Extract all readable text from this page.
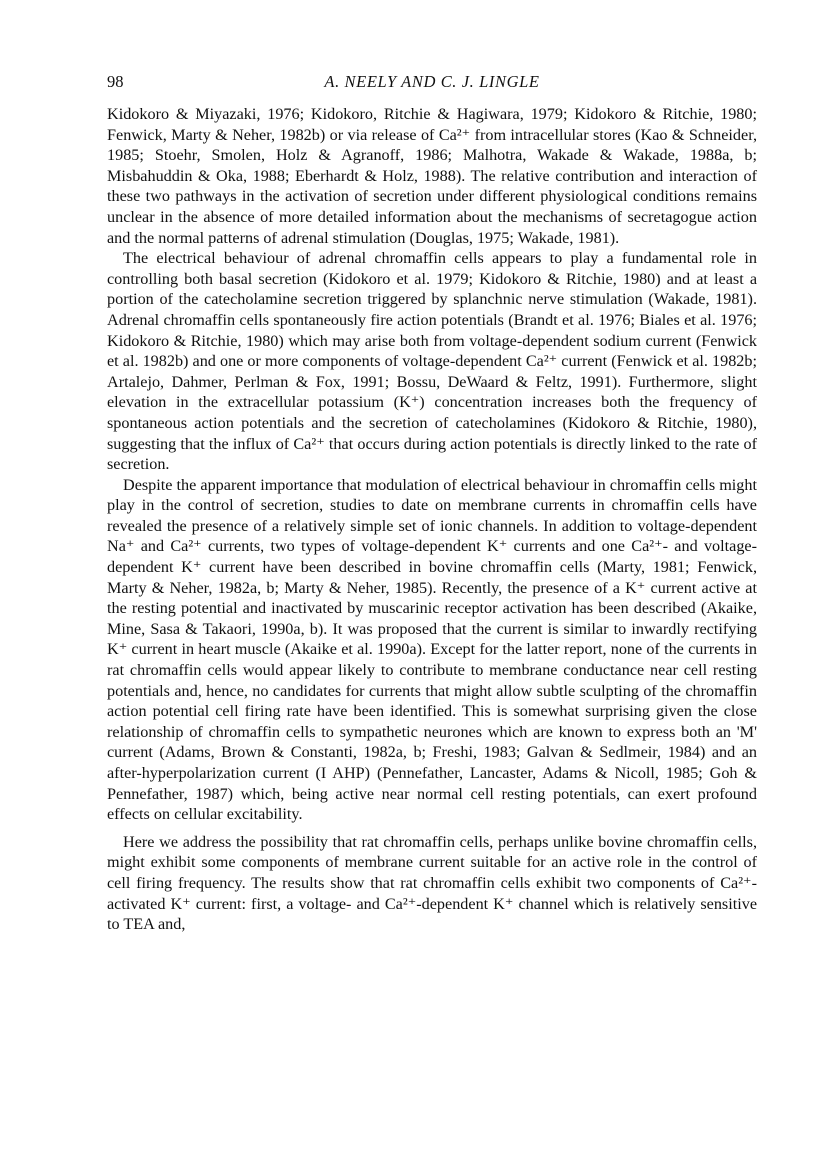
98	A. NEELY AND C. J. LINGLE

Kidokoro & Miyazaki, 1976; Kidokoro, Ritchie & Hagiwara, 1979; Kidokoro & Ritchie, 1980; Fenwick, Marty & Neher, 1982b) or via release of Ca²⁺ from intracellular stores (Kao & Schneider, 1985; Stoehr, Smolen, Holz & Agranoff, 1986; Malhotra, Wakade & Wakade, 1988a, b; Misbahuddin & Oka, 1988; Eberhardt & Holz, 1988). The relative contribution and interaction of these two pathways in the activation of secretion under different physiological conditions remains unclear in the absence of more detailed information about the mechanisms of secretagogue action and the normal patterns of adrenal stimulation (Douglas, 1975; Wakade, 1981).

The electrical behaviour of adrenal chromaffin cells appears to play a fundamental role in controlling both basal secretion (Kidokoro et al. 1979; Kidokoro & Ritchie, 1980) and at least a portion of the catecholamine secretion triggered by splanchnic nerve stimulation (Wakade, 1981). Adrenal chromaffin cells spontaneously fire action potentials (Brandt et al. 1976; Biales et al. 1976; Kidokoro & Ritchie, 1980) which may arise both from voltage-dependent sodium current (Fenwick et al. 1982b) and one or more components of voltage-dependent Ca²⁺ current (Fenwick et al. 1982b; Artalejo, Dahmer, Perlman & Fox, 1991; Bossu, DeWaard & Feltz, 1991). Furthermore, slight elevation in the extracellular potassium (K⁺) concentration increases both the frequency of spontaneous action potentials and the secretion of catecholamines (Kidokoro & Ritchie, 1980), suggesting that the influx of Ca²⁺ that occurs during action potentials is directly linked to the rate of secretion.

Despite the apparent importance that modulation of electrical behaviour in chromaffin cells might play in the control of secretion, studies to date on membrane currents in chromaffin cells have revealed the presence of a relatively simple set of ionic channels. In addition to voltage-dependent Na⁺ and Ca²⁺ currents, two types of voltage-dependent K⁺ currents and one Ca²⁺- and voltage-dependent K⁺ current have been described in bovine chromaffin cells (Marty, 1981; Fenwick, Marty & Neher, 1982a, b; Marty & Neher, 1985). Recently, the presence of a K⁺ current active at the resting potential and inactivated by muscarinic receptor activation has been described (Akaike, Mine, Sasa & Takaori, 1990a, b). It was proposed that the current is similar to inwardly rectifying K⁺ current in heart muscle (Akaike et al. 1990a). Except for the latter report, none of the currents in rat chromaffin cells would appear likely to contribute to membrane conductance near cell resting potentials and, hence, no candidates for currents that might allow subtle sculpting of the chromaffin action potential cell firing rate have been identified. This is somewhat surprising given the close relationship of chromaffin cells to sympathetic neurones which are known to express both an 'M' current (Adams, Brown & Constanti, 1982a, b; Freshi, 1983; Galvan & Sedlmeir, 1984) and an after-hyperpolarization current (I AHP) (Pennefather, Lancaster, Adams & Nicoll, 1985; Goh & Pennefather, 1987) which, being active near normal cell resting potentials, can exert profound effects on cellular excitability.

Here we address the possibility that rat chromaffin cells, perhaps unlike bovine chromaffin cells, might exhibit some components of membrane current suitable for an active role in the control of cell firing frequency. The results show that rat chromaffin cells exhibit two components of Ca²⁺-activated K⁺ current: first, a voltage- and Ca²⁺-dependent K⁺ channel which is relatively sensitive to TEA and,
